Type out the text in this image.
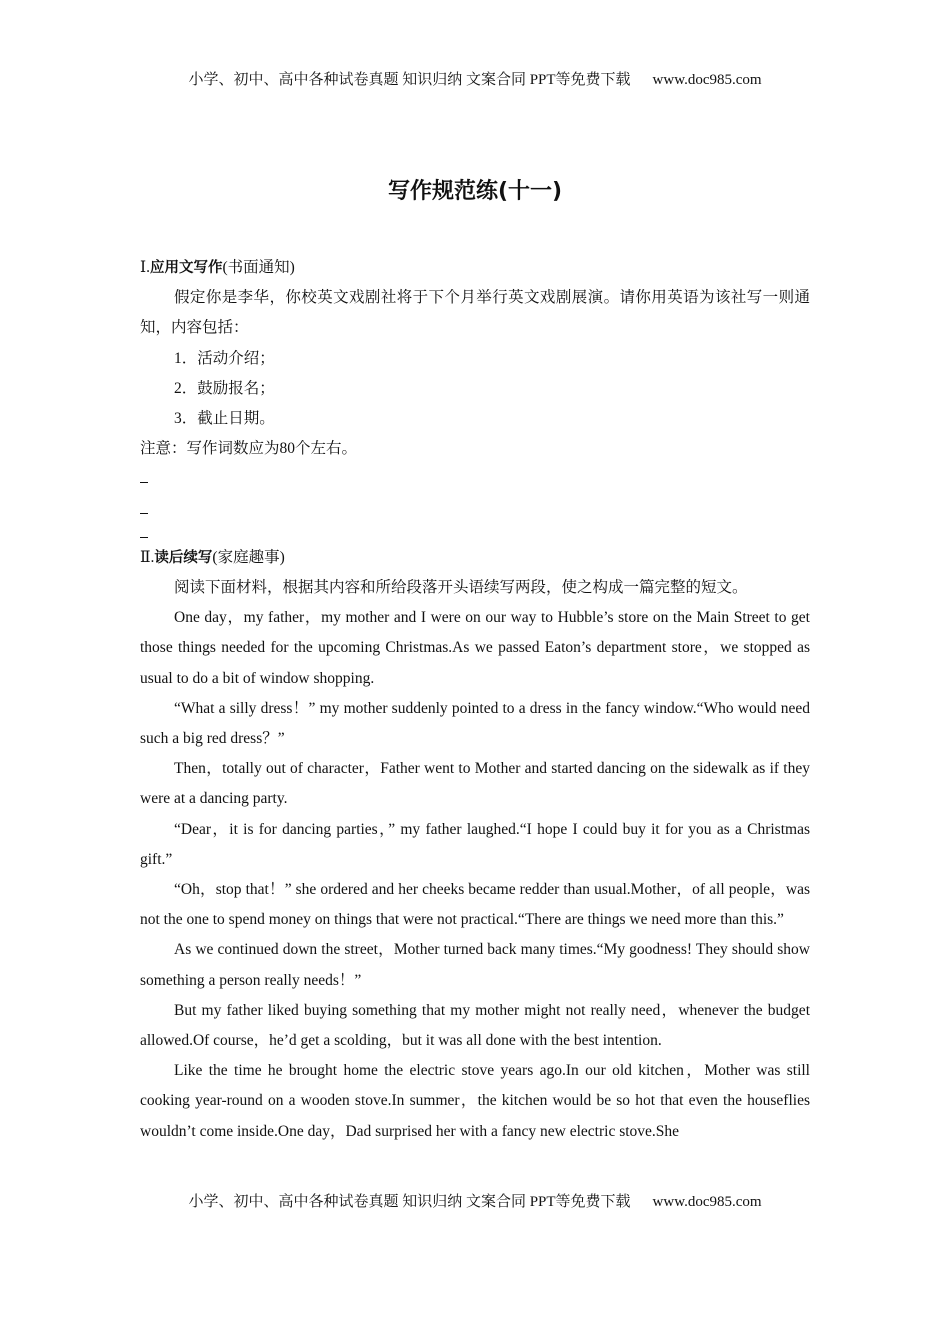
小学、初中、高中各种试卷真题 知识归纳 文案合同 PPT等免费下载 www.doc985.com
写作规范练(十一)

Ⅰ.应用文写作(书面通知)

假定你是李华，你校英文戏剧社将于下个月举行英文戏剧展演。请你用英语为该社写一则通知，内容包括：

1．活动介绍；

2．鼓励报名；

3．截止日期。

注意：写作词数应为80个左右。

Ⅱ.读后续写(家庭趣事)

阅读下面材料，根据其内容和所给段落开头语续写两段，使之构成一篇完整的短文。

One day，my father，my mother and I were on our way to Hubble’s store on the Main Street to get those things needed for the upcoming Christmas.As we passed Eaton’s department store，we stopped as usual to do a bit of window shopping.

“What a silly dress！” my mother suddenly pointed to a dress in the fancy window.“Who would need such a big red dress？”

Then，totally out of character，Father went to Mother and started dancing on the sidewalk as if they were at a dancing party.

“Dear，it is for dancing parties，” my father laughed.“I hope I could buy it for you as a Christmas gift.”

“Oh，stop that！” she ordered and her cheeks became redder than usual.Mother，of all people，was not the one to spend money on things that were not practical.“There are things we need more than this.”

As we continued down the street，Mother turned back many times.“My goodness! They should show something a person really needs！”

But my father liked buying something that my mother might not really need，whenever the budget allowed.Of course，he’d get a scolding，but it was all done with the best intention.

Like the time he brought home the electric stove years ago.In our old kitchen，Mother was still cooking year-round on a wooden stove.In summer，the kitchen would be so hot that even the houseflies wouldn’t come inside.One day，Dad surprised her with a fancy new electric stove.She

小学、初中、高中各种试卷真题 知识归纳 文案合同 PPT等免费下载 www.doc985.com
